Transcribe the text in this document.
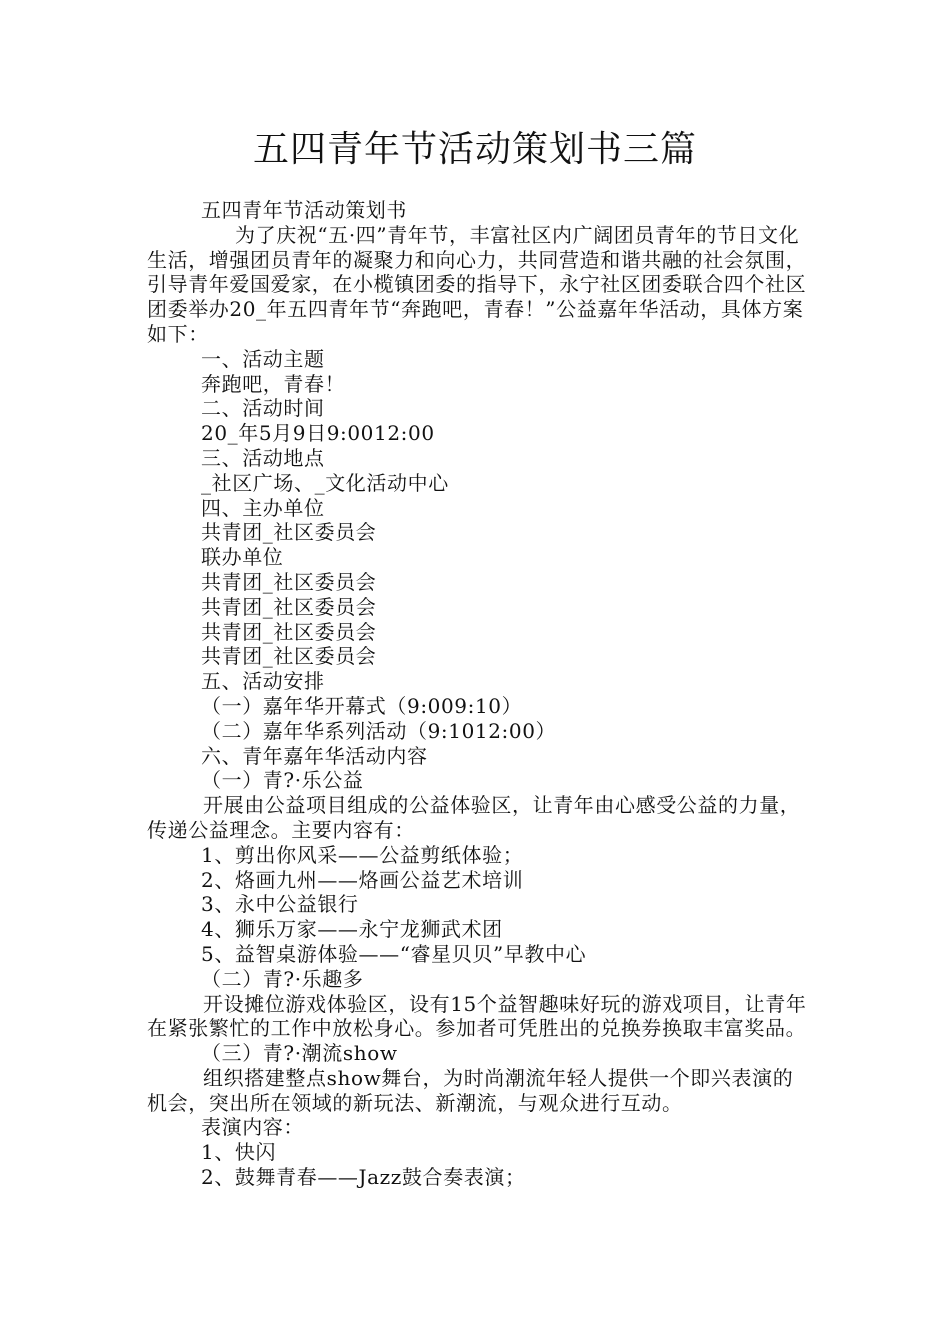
五四青年节活动策划书三篇

五四青年节活动策划书

为了庆祝“五·四”青年节，丰富社区内广阔团员青年的节日文化生活，增强团员青年的凝聚力和向心力，共同营造和谐共融的社会氛围，引导青年爱国爱家，在小榄镇团委的指导下，永宁社区团委联合四个社区团委举办20_年五四青年节“奔跑吧，青春！”公益嘉年华活动，具体方案如下：

一、活动主题

奔跑吧，青春！

二、活动时间

20_年5月9日9:0012:00

三、活动地点

_社区广场、_文化活动中心

四、主办单位

共青团_社区委员会

联办单位

共青团_社区委员会

共青团_社区委员会

共青团_社区委员会

共青团_社区委员会

五、活动安排

（一）嘉年华开幕式（9:009:10）

（二）嘉年华系列活动（9:1012:00）

六、青年嘉年华活动内容

（一）青?·乐公益

开展由公益项目组成的公益体验区，让青年由心感受公益的力量，传递公益理念。主要内容有：

1、剪出你风采——公益剪纸体验；

2、烙画九州——烙画公益艺术培训

3、永中公益银行

4、狮乐万家——永宁龙狮武术团

5、益智桌游体验——“睿星贝贝”早教中心

（二）青?·乐趣多

开设摊位游戏体验区，设有15个益智趣味好玩的游戏项目，让青年在紧张繁忙的工作中放松身心。参加者可凭胜出的兑换券换取丰富奖品。

（三）青?·潮流show

组织搭建整点show舞台，为时尚潮流年轻人提供一个即兴表演的机会，突出所在领域的新玩法、新潮流，与观众进行互动。

表演内容：

1、快闪

2、鼓舞青春——Jazz鼓合奏表演；
